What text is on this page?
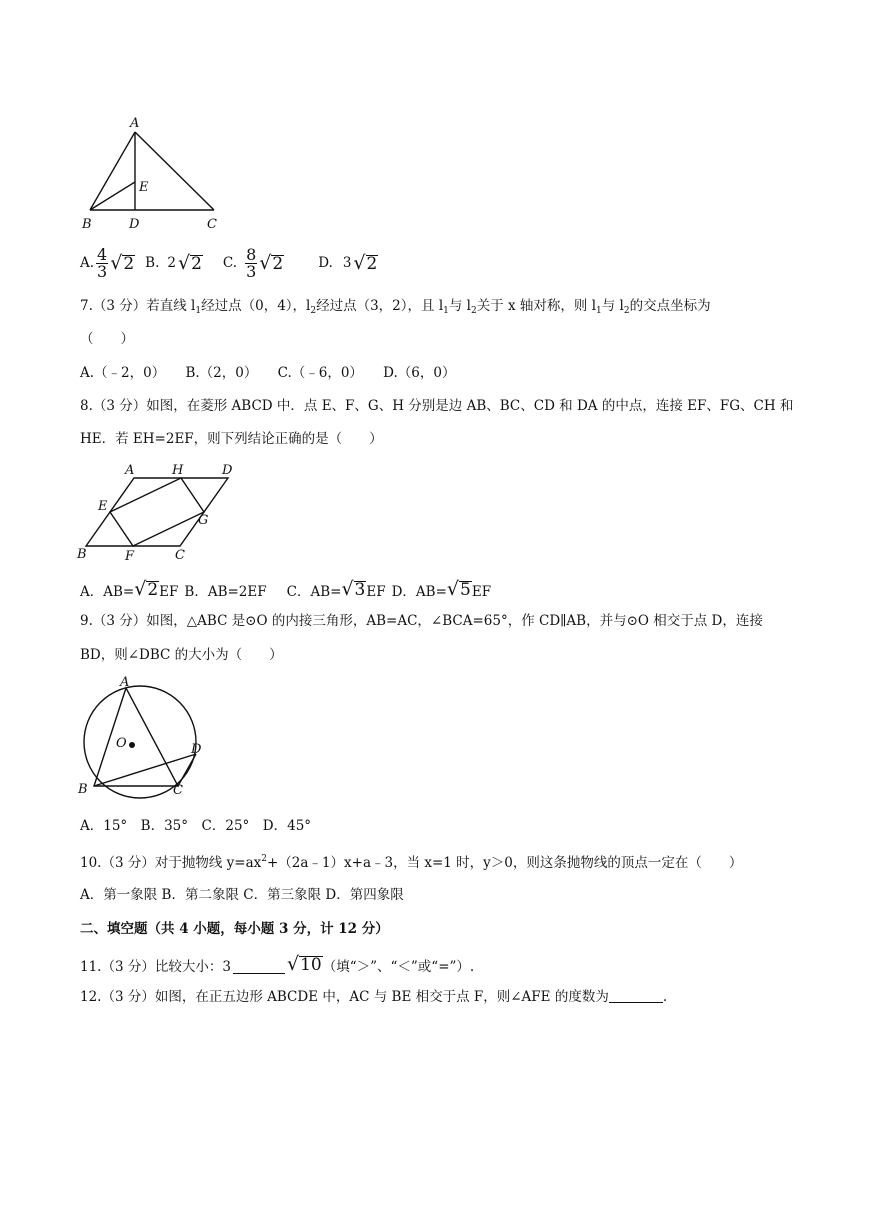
A
B	D	C
E
A. $\frac{4}{3}$ √ 2 B. 2 √ 2 C. $\frac{8}{3}$ √ 2	D. 3 √ 2
7.（3 分）若直线 $l_1$经过点（0，4），$l_2$经过点（3，2），且 $l_1$与 $l_2$关于 x 轴对称，则 $l_1$与 $l_2$的交点坐标为
（　　）
A.（﹣2，0）　　B.（2，0）　　C.（﹣6，0）　　D.（6，0）
8.（3 分）如图，在菱形 ABCD 中．点 E、F、G、H 分别是边 AB、BC、CD 和 DA 的中点，连接 EF、FG、CH 和
HE．若 EH=2EF，则下列结论正确的是（　　）
A	H	D
E
G
B	F	C
A．AB= √ 2 EF B．AB=2EF C．AB= √ 3 EF D．AB= √ 5 EF
9.（3 分）如图，△ABC 是⊙O 的内接三角形，AB=AC，∠BCA=65°，作 CD∥AB，并与⊙O 相交于点 D，连接
BD，则∠DBC 的大小为（　　）
A
O	D
B	C
A．15°　B．35°　C．25°　D．45°
10.（3 分）对于抛物线 $y=ax^2+(2a﹣1)x+a﹣3$，当 x=1 时，y＞0，则这条抛物线的顶点一定在（　　）
A．第一象限 B．第二象限 C．第三象限 D．第四象限
二、填空题（共 4 小题，每小题 3 分，计 12 分）
11.（3 分）比较大小：3	√ 10 （填“＞”、“＜”或“=”）.
12.（3 分）如图，在正五边形 ABCDE 中，AC 与 BE 相交于点 F，则∠AFE 的度数为	.
